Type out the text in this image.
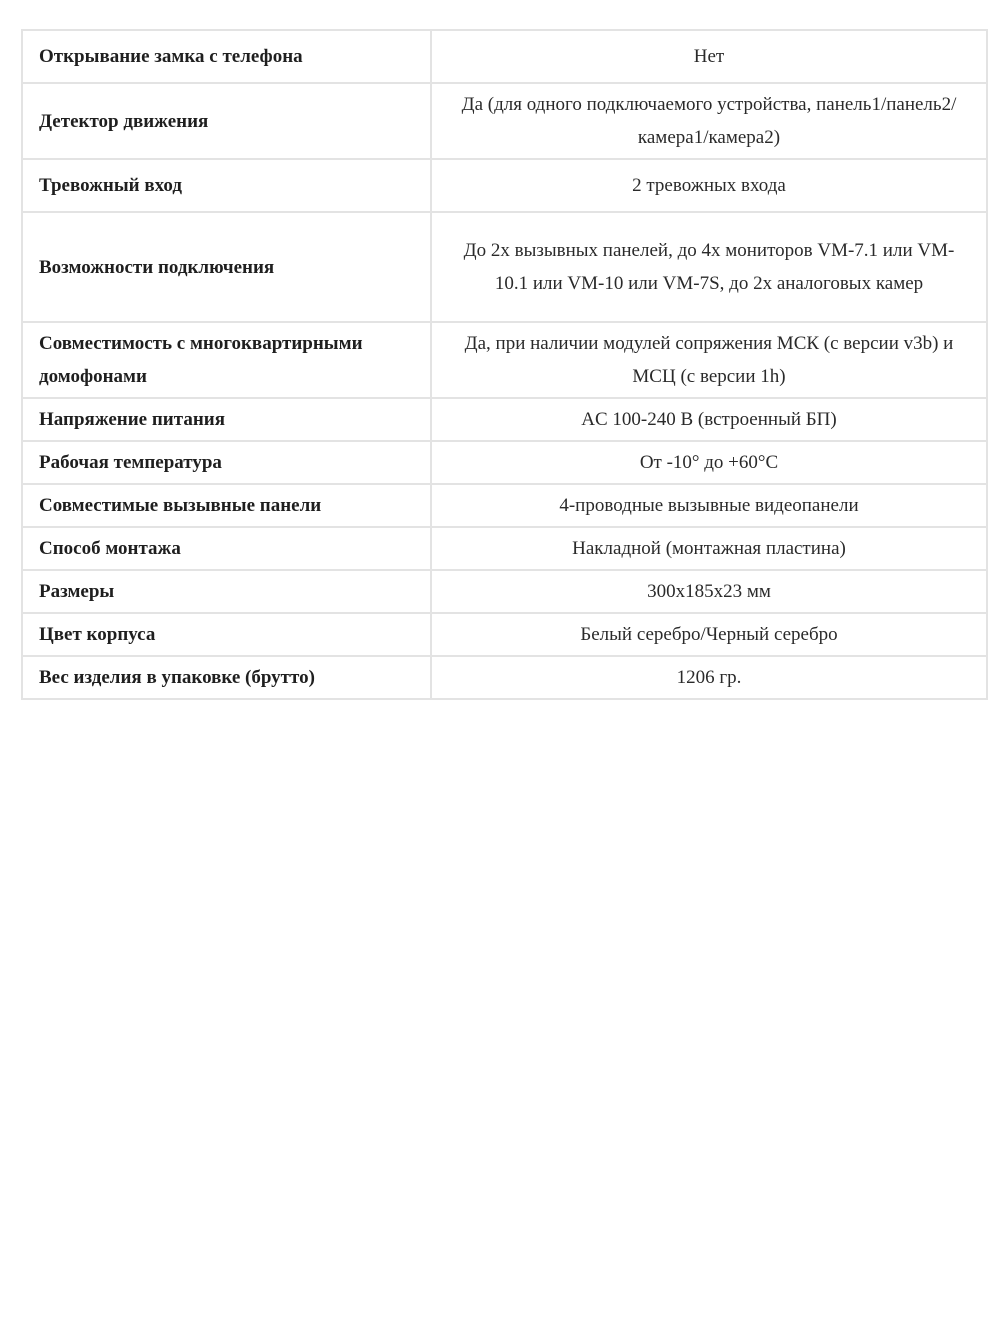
Открывание замка с телефона	Нет
Детектор движения	Да (для одного подключаемого устройства, панель1/панель2/камера1/камера2)
Тревожный вход	2 тревожных входа
Возможности подключения	До 2х вызывных панелей, до 4х мониторов VM-7.1 или VM-10.1 или VM-10 или VM-7S, до 2х аналоговых камер
Совместимость с многоквартирными домофонами	Да, при наличии модулей сопряжения МСК (с версии v3b) и МСЦ (с версии 1h)
Напряжение питания	AC 100-240 В (встроенный БП)
Рабочая температура	От -10° до +60°С
Совместимые вызывные панели	4-проводные вызывные видеопанели
Способ монтажа	Накладной (монтажная пластина)
Размеры	300х185х23 мм
Цвет корпуса	Белый серебро/Черный серебро
Вес изделия в упаковке (брутто)	1206 гр.
